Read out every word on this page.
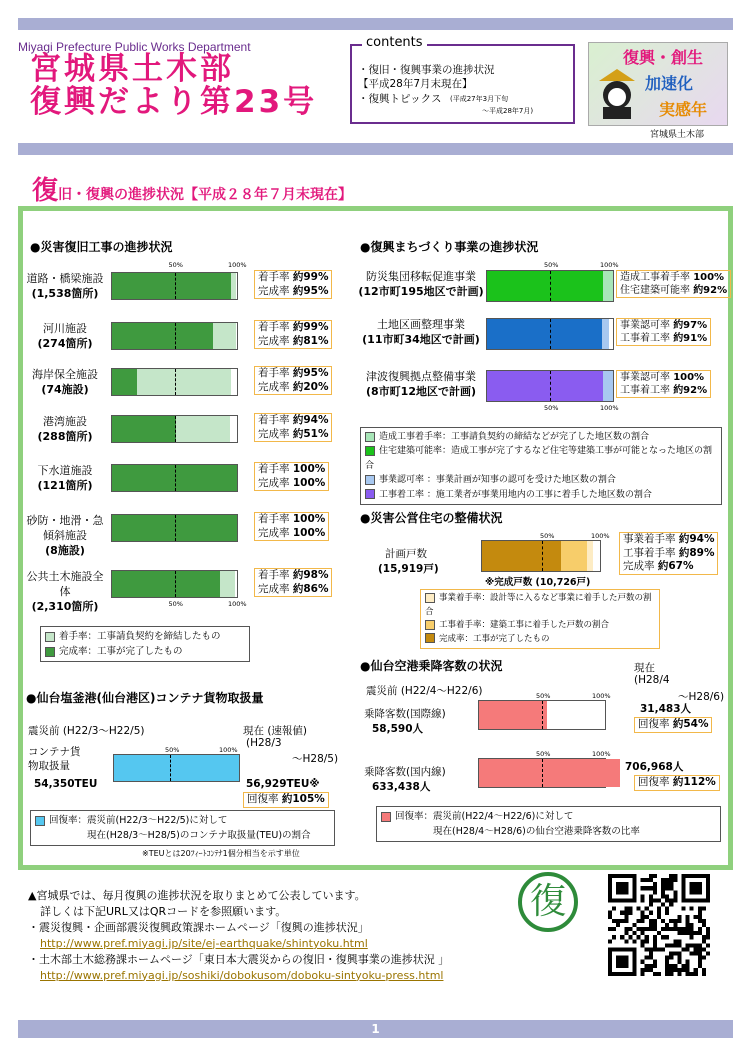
Miyagi Prefecture Public Works Department
宮城県土木部
復興だより第23号
contents
・復旧・復興事業の進捗状況
【平成28年7月末現在】
・復興トピックス (平成27年3月下旬
～平成28年7月)
復興・創生
加速化
実感年
宮城県土木部
復旧・復興の進捗状況【平成２８年７月末現在】
●災害復旧工事の進捗状況
道路・橋梁施設
(1,538箇所)
50%	100%
着手率 約99%
完成率 約95%
河川施設
(274箇所)
着手率 約99%
完成率 約81%
海岸保全施設
(74施設)
着手率 約95%
完成率 約20%
港湾施設
(288箇所)
着手率 約94%
完成率 約51%
下水道施設
(121箇所)
着手率 100%
完成率 100%
砂防・地滑・急傾斜施設
(8施設)
着手率 100%
完成率 100%
公共土木施設全体
(2,310箇所)	50%	100%
着手率 約98%
完成率 約86%
着手率：工事請負契約を締結したもの
完成率：工事が完了したもの
●仙台塩釜港(仙台港区)コンテナ貨物取扱量
震災前 (H22/3～H22/5)	現在 (速報値)
(H28/3
～H28/5)
コンテナ貨物取扱量
50%	100%
54,350TEU	56,929TEU※
回復率 約105%
回復率：震災前(H22/3～H22/5)に対して
現在(H28/3～H28/5)のコンテナ取扱量(TEU)の割合
※TEUとは20ﾌｨｰﾄｺﾝﾃﾅ1個分相当を示す単位
●復興まちづくり事業の進捗状況
防災集団移転促進事業
(12市町195地区で計画)
50%	100%
造成工事着手率 100%
住宅建築可能率 約92%
土地区画整理事業
(11市町34地区で計画)
事業認可率 約97%
工事着工率 約91%
津波復興拠点整備事業
(8市町12地区で計画)
50%	100%
事業認可率 100%
工事着工率 約92%
造成工事着手率：工事請負契約の締結などが完了した地区数の割合
住宅建築可能率：造成工事が完了するなど住宅等建築工事が可能となった地区の割合
事業認可率 ：事業計画が知事の認可を受けた地区数の割合
工事着工率 ：施工業者が事業用地内の工事に着手した地区数の割合
●災害公営住宅の整備状況
計画戸数
(15,919戸)
50%	100%
※完成戸数 (10,726戸)
事業着手率 約94%
工事着手率 約89%
完成率 約67%
事業着手率：設計等に入るなど事業に着手した戸数の割合
工事着手率：建築工事に着手した戸数の割合
完成率：工事が完了したもの
●仙台空港乗降客数の状況	現在
(H28/4
～H28/6)
震災前 (H22/4～H22/6)
乗降客数(国際線)
58,590人
50%	100%
31,483人
回復率 約54%
乗降客数(国内線)
633,438人
50%	100%
706,968人
回復率 約112%
回復率：震災前(H22/4～H22/6)に対して
現在(H28/4～H28/6)の仙台空港乗降客数の比率
▲宮城県では、毎月復興の進捗状況を取りまとめて公表しています。
詳しくは下記URL又はQRコードを参照願います。
・震災復興・企画部震災復興政策課ホームページ「復興の進捗状況」
http://www.pref.miyagi.jp/site/ej-earthquake/shintyoku.html
・土木部土木総務課ホームページ「東日本大震災からの復旧・復興事業の進捗状況 」
http://www.pref.miyagi.jp/soshiki/dobokusom/doboku-sintyoku-press.html
復
1
